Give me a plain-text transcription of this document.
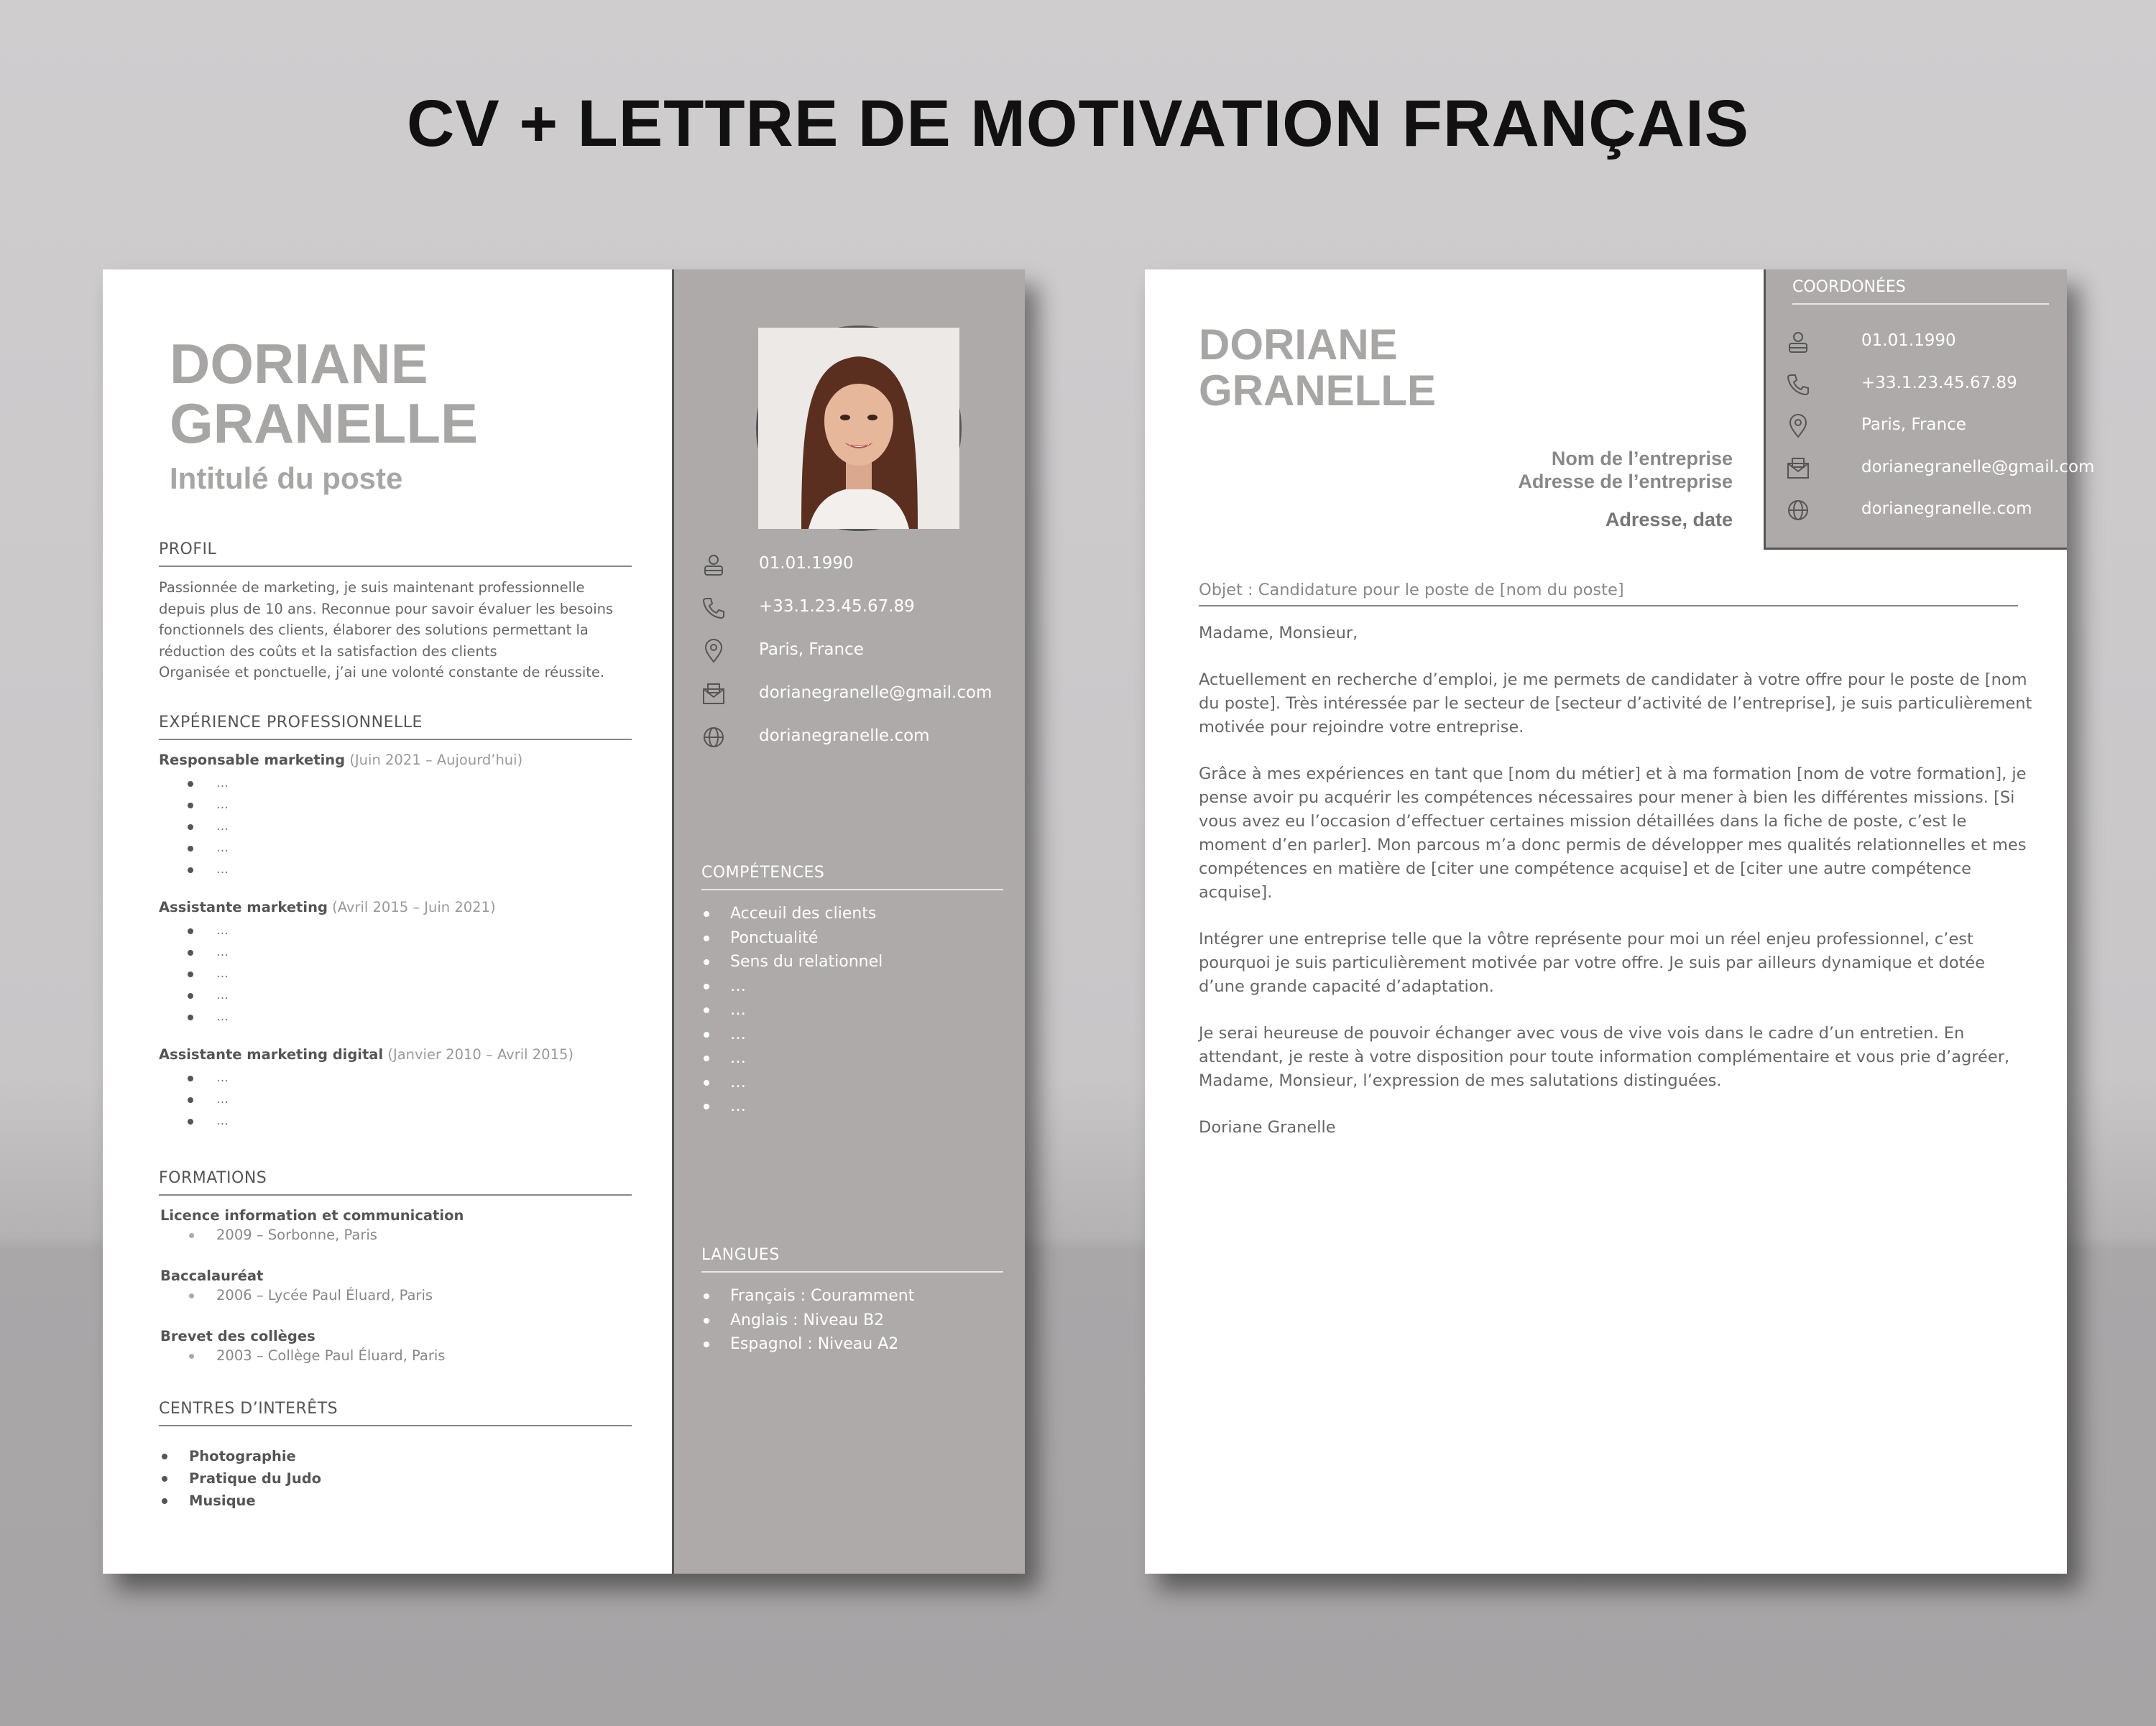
CV + LETTRE DE MOTIVATION FRANÇAIS
DORIANE
GRANELLE
Intitulé du poste
PROFIL
Passionnée de marketing, je suis maintenant professionnelle depuis plus de 10 ans. Reconnue pour savoir évaluer les besoins fonctionnels des clients, élaborer des solutions permettant la réduction des coûts et la satisfaction des clients
Organisée et ponctuelle, j’ai une volonté constante de réussite.
EXPÉRIENCE PROFESSIONNELLE
Responsable marketing (Juin 2021 – Aujourd’hui)
…
…
…
…
…
Assistante marketing (Avril 2015 – Juin 2021)
…
…
…
…
…
Assistante marketing digital (Janvier 2010 – Avril 2015)
…
…
…
FORMATIONS
Licence information et communication
2009 – Sorbonne, Paris
Baccalauréat
2006 – Lycée Paul Éluard, Paris
Brevet des collèges
2003 – Collège Paul Éluard, Paris
CENTRES D’INTERÊTS
Photographie
Pratique du Judo
Musique
01.01.1990
+33.1.23.45.67.89
Paris, France
dorianegranelle@gmail.com
dorianegranelle.com
COMPÉTENCES
Acceuil des clients
Ponctualité
Sens du relationnel
…
…
…
…
…
…
LANGUES
Français : Couramment
Anglais : Niveau B2
Espagnol : Niveau A2
DORIANE
GRANELLE
COORDONÉES
01.01.1990
+33.1.23.45.67.89
Paris, France
dorianegranelle@gmail.com
dorianegranelle.com
Nom de l’entreprise
Adresse de l’entreprise
Adresse, date
Objet : Candidature pour le poste de [nom du poste]

Madame, Monsieur,

Actuellement en recherche d’emploi, je me permets de candidater à votre offre pour le poste de [nom du poste]. Très intéressée par le secteur de [secteur d’activité de l’entreprise], je suis particulièrement motivée pour rejoindre votre entreprise.

Grâce à mes expériences en tant que [nom du métier] et à ma formation [nom de votre formation], je pense avoir pu acquérir les compétences nécessaires pour mener à bien les différentes missions. [Si vous avez eu l’occasion d’effectuer certaines mission détaillées dans la fiche de poste, c’est le moment d’en parler]. Mon parcous m’a donc permis de développer mes qualités relationnelles et mes compétences en matière de [citer une compétence acquise] et de [citer une autre compétence acquise].

Intégrer une entreprise telle que la vôtre représente pour moi un réel enjeu professionnel, c’est pourquoi je suis particulièrement motivée par votre offre. Je suis par ailleurs dynamique et dotée d’une grande capacité d’adaptation.

Je serai heureuse de pouvoir échanger avec vous de vive vois dans le cadre d’un entretien. En attendant, je reste à votre disposition pour toute information complémentaire et vous prie d’agréer, Madame, Monsieur, l’expression de mes salutations distinguées.

Doriane Granelle
